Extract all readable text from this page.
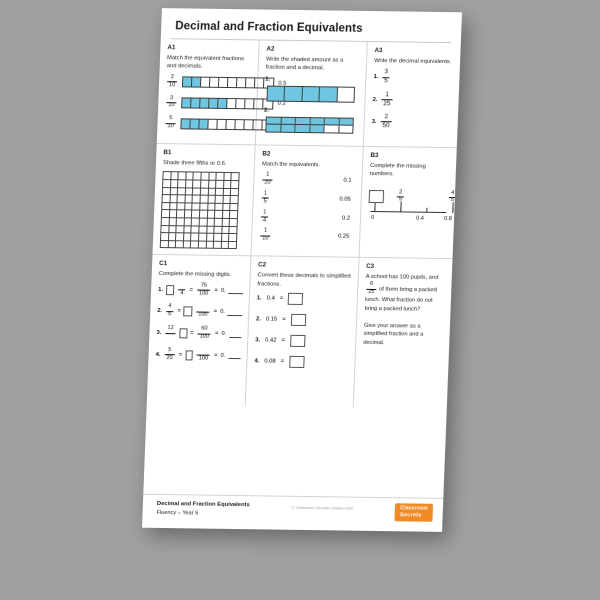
Decimal and Fraction Equivalents
A1
Match the equivalent fractions and decimals.
$\frac{2}{10}$	0.5
$\frac{3}{10}$	0.2
$\frac{5}{10}$
A2
Write the shaded amount as a fraction and a decimal.
1.
2.
A3
Write the decimal equivalents.
1. $\frac{3}{5}$
2. $\frac{1}{25}$
3. $\frac{2}{50}$
B1
Shade three fifths or 0.6.
B2
Match the equivalents.
$\frac{1}{20}$	0.1
$\frac{1}{5}$	0.05
$\frac{1}{4}$	0.2
$\frac{1}{10}$	0.25
B3
Complete the missing numbers.
$\frac{2}{5}$	$\frac{4}{5}$
0	0.4	0.8
C1
Complete the missing digits.
1.

$4 = \frac{75}{100} = 0$.
2. $\frac{4}{5}$ =

100 = 0.
3.
12

= $\frac{60}{100} = 0$.
4. $\frac{5}{20}$ =

100 = 0.
C2
Convert these decimals to simplified fractions.
1. 0.4 =
2. 0.15 =
3. 0.42 =
4. 0.08 =
C3
A school has 100 pupils, and
$\frac{6}{25}$ of them bring a packed lunch. What fraction do not bring a packed lunch?
Give your answer as a simplified fraction and a decimal.
Decimal and Fraction Equivalents
Fluency – Year 6
© Classroom Secrets Limited 2020	Classroom
Secrets
